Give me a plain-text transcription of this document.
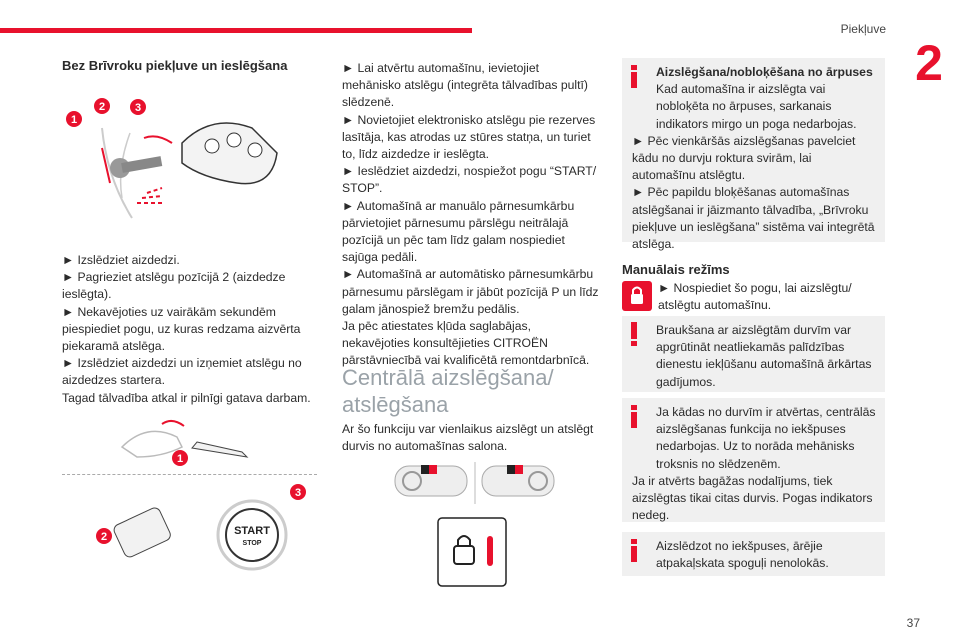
Piekļuve
2
37
Bez Brīvroku piekļuve un ieslēgšana
1
2	3

► Izslēdziet aizdedzi.

► Pagrieziet atslēgu pozīcijā 2 (aizdedze ieslēgta).

► Nekavējoties uz vairākām sekundēm piespiediet pogu, uz kuras redzama aizvērta piekaramā atslēga.

► Izslēdziet aizdedzi un izņemiet atslēgu no aizdedzes startera.

Tagad tālvadība atkal ir pilnīgi gatava darbam.

1
2	START
STOP
3

► Lai atvērtu automašīnu, ievietojiet mehānisko atslēgu (integrēta tālvadības pultī) slēdzenē.

► Novietojiet elektronisko atslēgu pie rezerves lasītāja, kas atrodas uz stūres statņa, un turiet to, līdz aizdedze ir ieslēgta.

► Ieslēdziet aizdedzi, nospiežot pogu “START/ STOP”.

► Automašīnā ar manuālo pārnesumkārbu pārvietojiet pārnesumu pārslēgu neitrālajā pozīcijā un pēc tam līdz galam nospiediet sajūga pedāli.

► Automašīnā ar automātisko pārnesumkārbu pārnesumu pārslēgam ir jābūt pozīcijā P un līdz galam jānospiež bremžu pedālis.

Ja pēc atiestates kļūda saglabājas, nekavējoties konsultējieties CITROËN pārstāvniecībā vai kvalificētā remontdarbnīcā.

Centrālā aizslēgšana/ atslēgšana
Ar šo funkciju var vienlaikus aizslēgt un atslēgt durvis no automašīnas salona.

Aizslēgšana/nobloķēšana no ārpuses

Kad automašīna ir aizslēgta vai nobloķēta no ārpuses, sarkanais indikators mirgo un poga nedarbojas.

► Pēc vienkāršās aizslēgšanas pavelciet kādu no durvju roktura svirām, lai automašīnu atslēgtu.

► Pēc papildu bloķēšanas automašīnas atslēgšanai ir jāizmanto tālvadība, „Brīvroku piekļuve un ieslēgšana” sistēma vai integrētā atslēga.

Manuālais režīms
► Nospiediet šo pogu, lai aizslēgtu/ atslēgtu automašīnu.

Braukšana ar aizslēgtām durvīm var apgrūtināt neatliekamās palīdzības dienestu iekļūšanu automašīnā ārkārtas gadījumos.

Ja kādas no durvīm ir atvērtas, centrālās aizslēgšanas funkcija no iekšpuses nedarbojas. Uz to norāda mehānisks troksnis no slēdzenēm.

Ja ir atvērts bagāžas nodalījums, tiek aizslēgtas tikai citas durvis. Pogas indikators nedeg.

Aizslēdzot no iekšpuses, ārējie atpakaļskata spoguļi nenolokās.
